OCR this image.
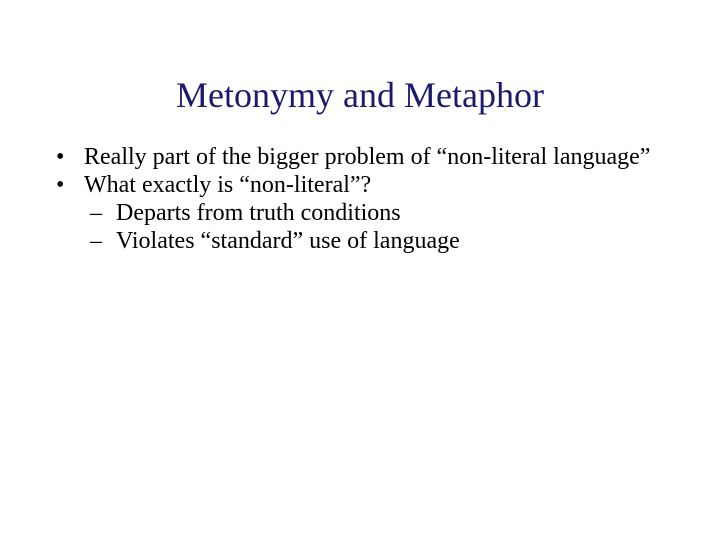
Metonymy and Metaphor

• Really part of the bigger problem of “non-literal language”

• What exactly is “non-literal”?

– Departs from truth conditions

– Violates “standard” use of language
